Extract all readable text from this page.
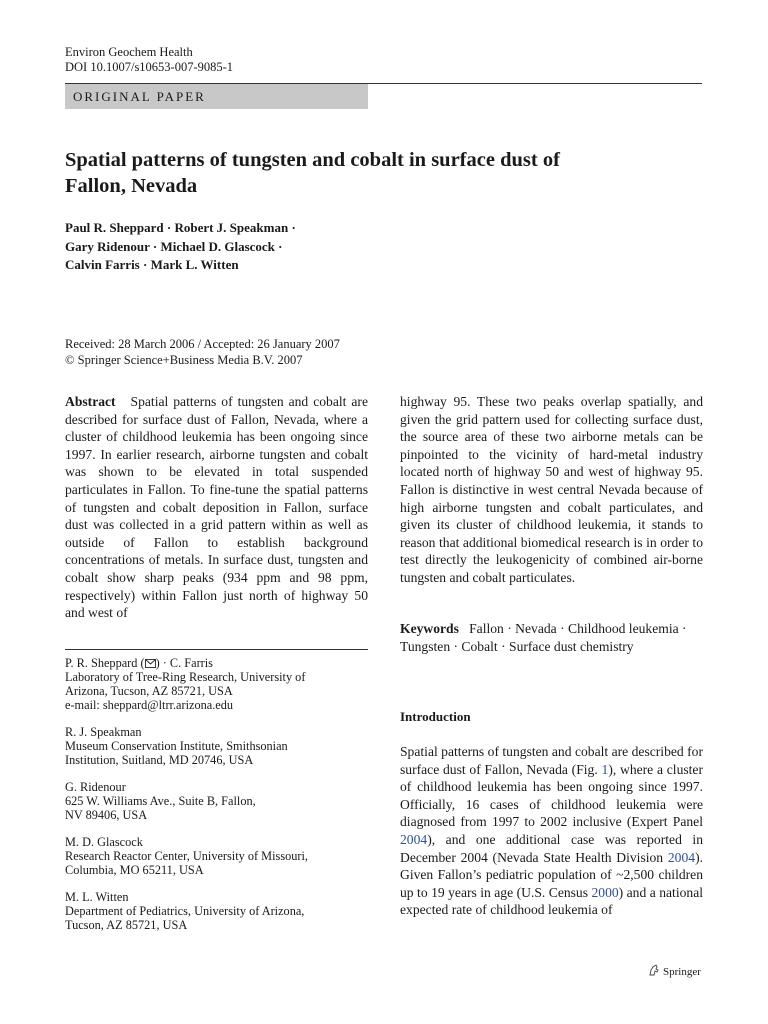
Environ Geochem Health
DOI 10.1007/s10653-007-9085-1
ORIGINAL PAPER
Spatial patterns of tungsten and cobalt in surface dust of Fallon, Nevada
Paul R. Sheppard · Robert J. Speakman ·
Gary Ridenour · Michael D. Glascock ·
Calvin Farris · Mark L. Witten
Received: 28 March 2006 / Accepted: 26 January 2007
© Springer Science+Business Media B.V. 2007
Abstract Spatial patterns of tungsten and cobalt are described for surface dust of Fallon, Nevada, where a cluster of childhood leukemia has been ongoing since 1997. In earlier research, airborne tungsten and cobalt was shown to be elevated in total suspended particulates in Fallon. To fine-tune the spatial patterns of tungsten and cobalt deposition in Fallon, surface dust was collected in a grid pattern within as well as outside of Fallon to establish background concentrations of metals. In surface dust, tungsten and cobalt show sharp peaks (934 ppm and 98 ppm, respectively) within Fallon just north of highway 50 and west of
highway 95. These two peaks overlap spatially, and given the grid pattern used for collecting surface dust, the source area of these two airborne metals can be pinpointed to the vicinity of hard-metal industry located north of highway 50 and west of highway 95. Fallon is distinctive in west central Nevada because of high airborne tungsten and cobalt particulates, and given its cluster of childhood leukemia, it stands to reason that additional biomedical research is in order to test directly the leukogenicity of combined air-borne tungsten and cobalt particulates.
Keywords Fallon · Nevada · Childhood leukemia · Tungsten · Cobalt · Surface dust chemistry
Introduction
Spatial patterns of tungsten and cobalt are described for surface dust of Fallon, Nevada (Fig. 1), where a cluster of childhood leukemia has been ongoing since 1997. Officially, 16 cases of childhood leukemia were diagnosed from 1997 to 2002 inclusive (Expert Panel 2004), and one additional case was reported in December 2004 (Nevada State Health Division 2004). Given Fallon’s pediatric population of ~2,500 children up to 19 years in age (U.S. Census 2000) and a national expected rate of childhood leukemia of
P. R. Sheppard ( ) · C. Farris
Laboratory of Tree-Ring Research, University of
Arizona, Tucson, AZ 85721, USA
e-mail: sheppard@ltrr.arizona.edu
R. J. Speakman
Museum Conservation Institute, Smithsonian
Institution, Suitland, MD 20746, USA
G. Ridenour
625 W. Williams Ave., Suite B, Fallon,
NV 89406, USA
M. D. Glascock
Research Reactor Center, University of Missouri,
Columbia, MO 65211, USA
M. L. Witten
Department of Pediatrics, University of Arizona,
Tucson, AZ 85721, USA
Springer
